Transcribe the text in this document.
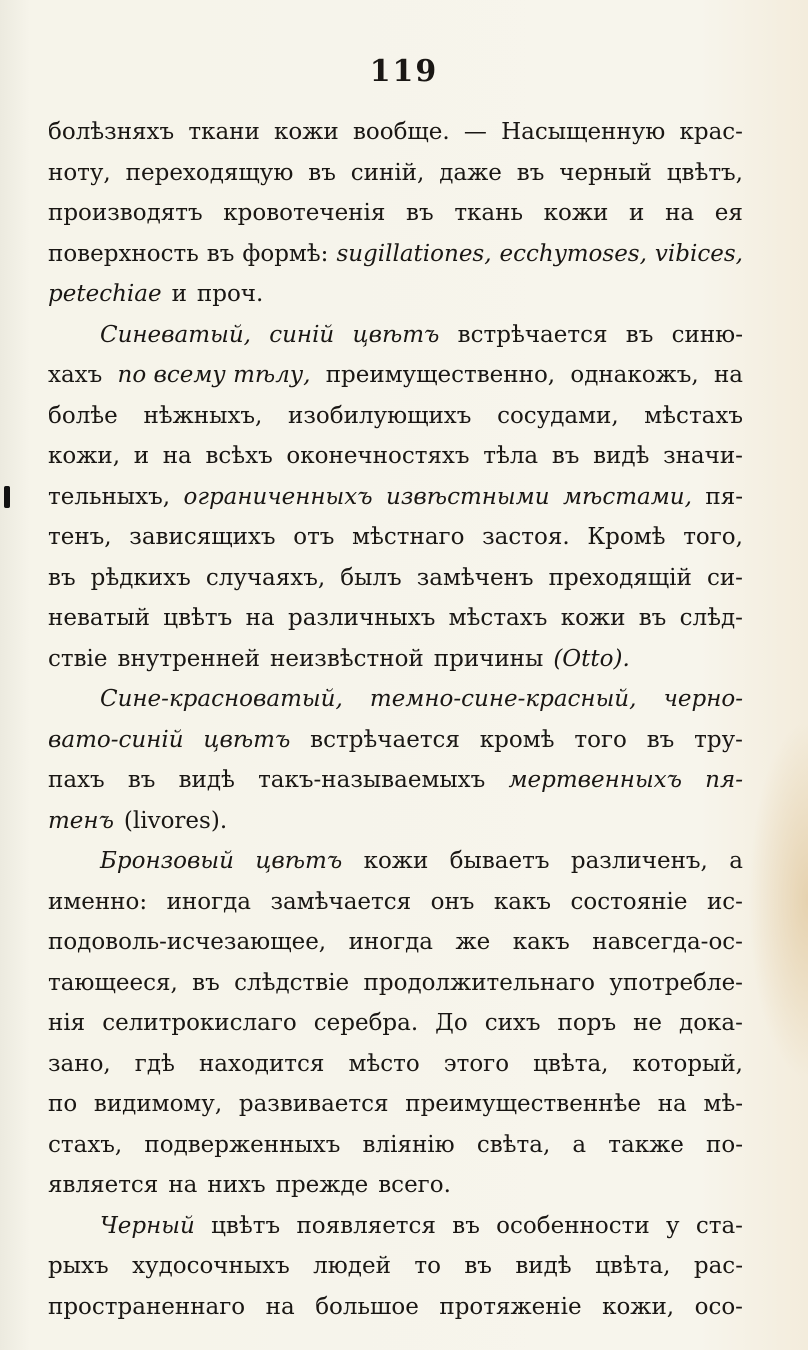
119
болѣзняхъ ткани кожи вообще. — Насыщенную крас-
ноту, переходящую въ синій, даже въ черный цвѣтъ,
производятъ кровотеченія въ ткань кожи и на ея
поверхность въ формѣ: sugillationes, ecchymoses, vibices,
petechiae и проч.
Синеватый, синій цвѣтъ встрѣчается въ синю-
хахъ по всему тѣлу, преимущественно, однакожъ, на
болѣе нѣжныхъ, изобилующихъ сосудами, мѣстахъ
кожи, и на всѣхъ оконечностяхъ тѣла въ видѣ значи-
тельныхъ, ограниченныхъ извѣстными мѣстами, пя-
тенъ, зависящихъ отъ мѣстнаго застоя. Кромѣ того,
въ рѣдкихъ случаяхъ, былъ замѣченъ преходящій си-
неватый цвѣтъ на различныхъ мѣстахъ кожи въ слѣд-
ствіе внутренней неизвѣстной причины (Otto).
Сине-красноватый, темно-сине-красный, черно-
вато-синій цвѣтъ встрѣчается кромѣ того въ тру-
пахъ въ видѣ такъ-называемыхъ мертвенныхъ пя-
тенъ (livores).
Бронзовый цвѣтъ кожи бываетъ различенъ, а
именно: иногда замѣчается онъ какъ состояніе ис-
подоволь-исчезающее, иногда же какъ навсегда-ос-
тающееся, въ слѣдствіе продолжительнаго употребле-
нія селитрокислаго серебра. До сихъ поръ не дока-
зано, гдѣ находится мѣсто этого цвѣта, который,
по видимому, развивается преимущественнѣе на мѣ-
стахъ, подверженныхъ вліянію свѣта, а также по-
является на нихъ прежде всего.
Черный цвѣтъ появляется въ особенности у ста-
рыхъ худосочныхъ людей то въ видѣ цвѣта, рас-
пространеннаго на большое протяженіе кожи, осо-
